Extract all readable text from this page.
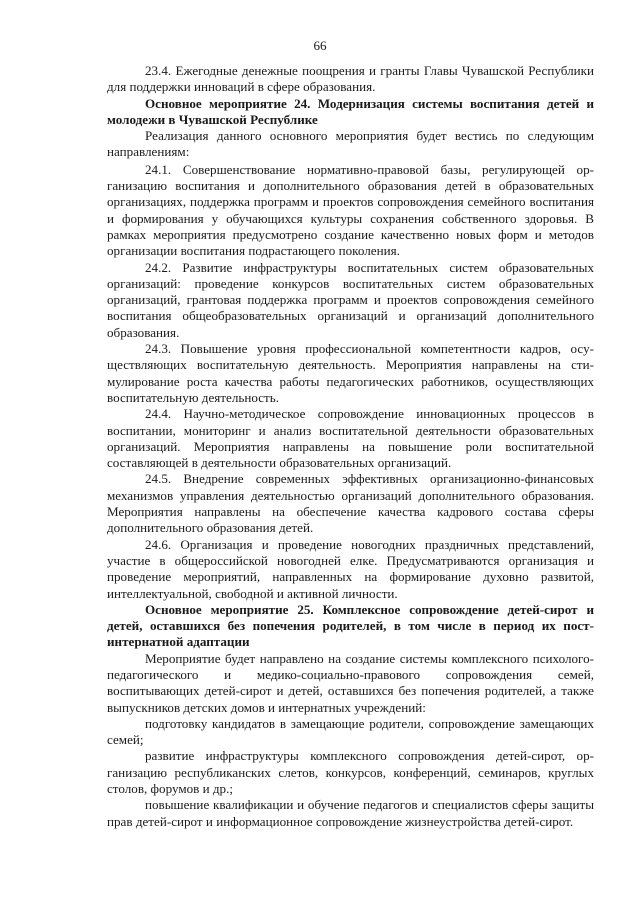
66

23.4. Ежегодные денежные поощрения и гранты Главы Чувашской Республики для поддержки инноваций в сфере образования.

Основное мероприятие 24. Модернизация системы воспитания детей и молодежи в Чувашской Республике

Реализация данного основного мероприятия будет вестись по следующим направлениям:

24.1. Совершенствование нормативно-правовой базы, регулирующей организацию воспитания и дополнительного образования детей в образовательных организациях, поддержка программ и проектов сопровождения семейного воспитания и формирования у обучающихся культуры сохранения собственного здоровья. В рамках мероприятия предусмотрено создание качественно новых форм и методов организации воспитания подрастающего поколения.

24.2. Развитие инфраструктуры воспитательных систем образовательных организаций: проведение конкурсов воспитательных систем образовательных организаций, грантовая поддержка программ и проектов сопровождения семейного воспитания общеобразовательных организаций и организаций дополнительного образования.

24.3. Повышение уровня профессиональной компетентности кадров, осуществляющих воспитательную деятельность. Мероприятия направлены на стимулирование роста качества работы педагогических работников, осуществляющих воспитательную деятельность.

24.4. Научно-методическое сопровождение инновационных процессов в воспитании, мониторинг и анализ воспитательной деятельности образовательных организаций. Мероприятия направлены на повышение роли воспитательной составляющей в деятельности образовательных организаций.

24.5. Внедрение современных эффективных организационно-финансовых механизмов управления деятельностью организаций дополнительного образования. Мероприятия направлены на обеспечение качества кадрового состава сферы дополнительного образования детей.

24.6. Организация и проведение новогодних праздничных представлений, участие в общероссийской новогодней елке. Предусматриваются организация и проведение мероприятий, направленных на формирование духовно развитой, интеллектуальной, свободной и активной личности.

Основное мероприятие 25. Комплексное сопровождение детей-сирот и детей, оставшихся без попечения родителей, в том числе в период их постинтернатной адаптации

Мероприятие будет направлено на создание системы комплексного психолого-педагогического и медико-социально-правового сопровождения семей, воспитывающих детей-сирот и детей, оставшихся без попечения родителей, а также выпускников детских домов и интернатных учреждений:

подготовку кандидатов в замещающие родители, сопровождение замещающих семей;

развитие инфраструктуры комплексного сопровождения детей-сирот, организацию республиканских слетов, конкурсов, конференций, семинаров, круглых столов, форумов и др.;

повышение квалификации и обучение педагогов и специалистов сферы защиты прав детей-сирот и информационное сопровождение жизнеустройства детей-сирот.
